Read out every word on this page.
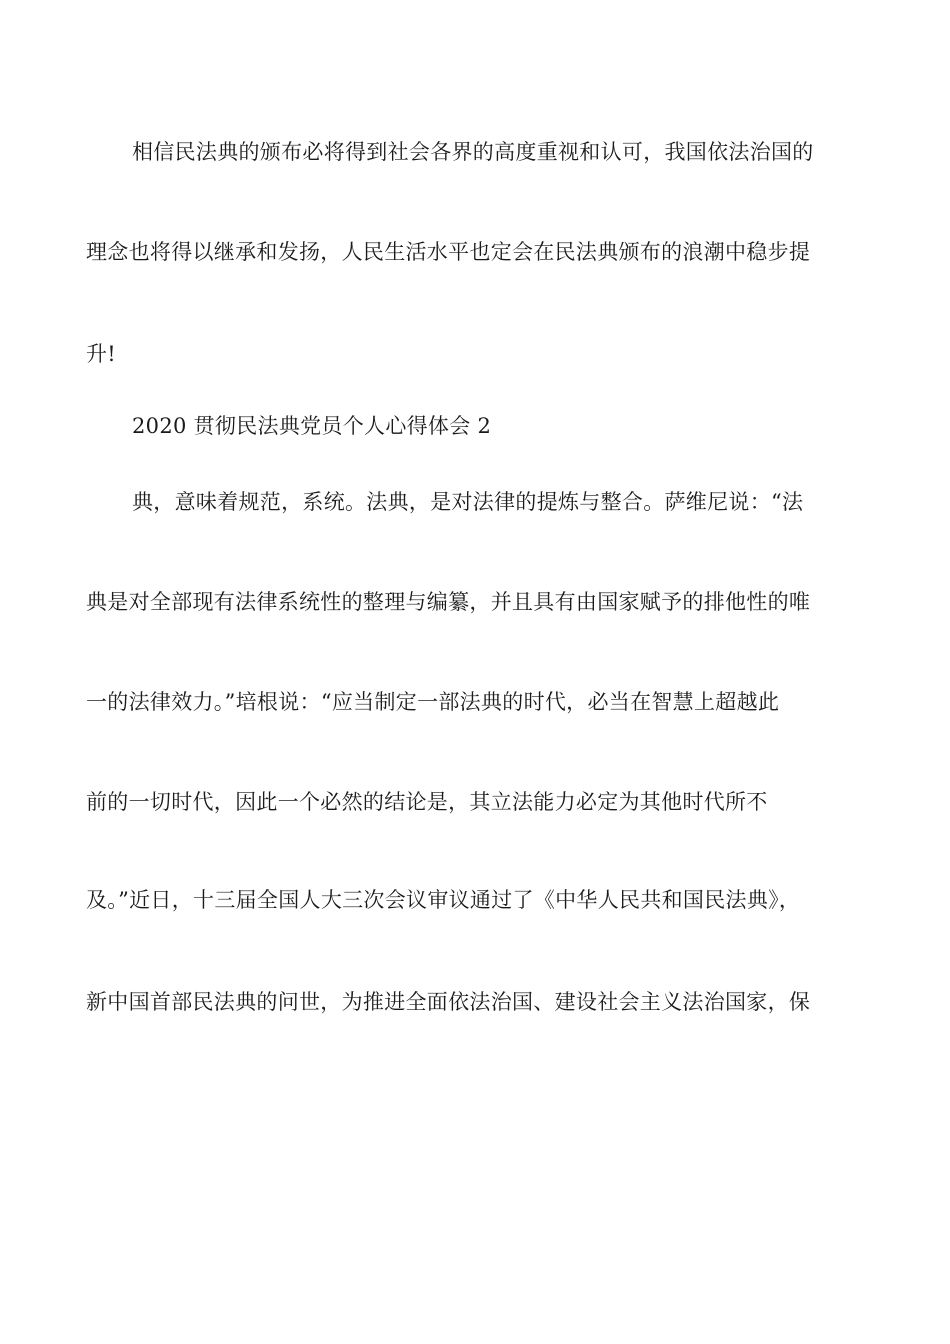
相信民法典的颁布必将得到社会各界的高度重视和认可，我国依法治国的
理念也将得以继承和发扬，人民生活水平也定会在民法典颁布的浪潮中稳步提
升!
2020 贯彻民法典党员个人心得体会 2
典，意味着规范，系统。法典，是对法律的提炼与整合。萨维尼说：“法
典是对全部现有法律系统性的整理与编纂，并且具有由国家赋予的排他性的唯
一的法律效力。”培根说：“应当制定一部法典的时代，必当在智慧上超越此
前的一切时代，因此一个必然的结论是，其立法能力必定为其他时代所不
及。”近日，十三届全国人大三次会议审议通过了《中华人民共和国民法典》，
新中国首部民法典的问世，为推进全面依法治国、建设社会主义法治国家，保
